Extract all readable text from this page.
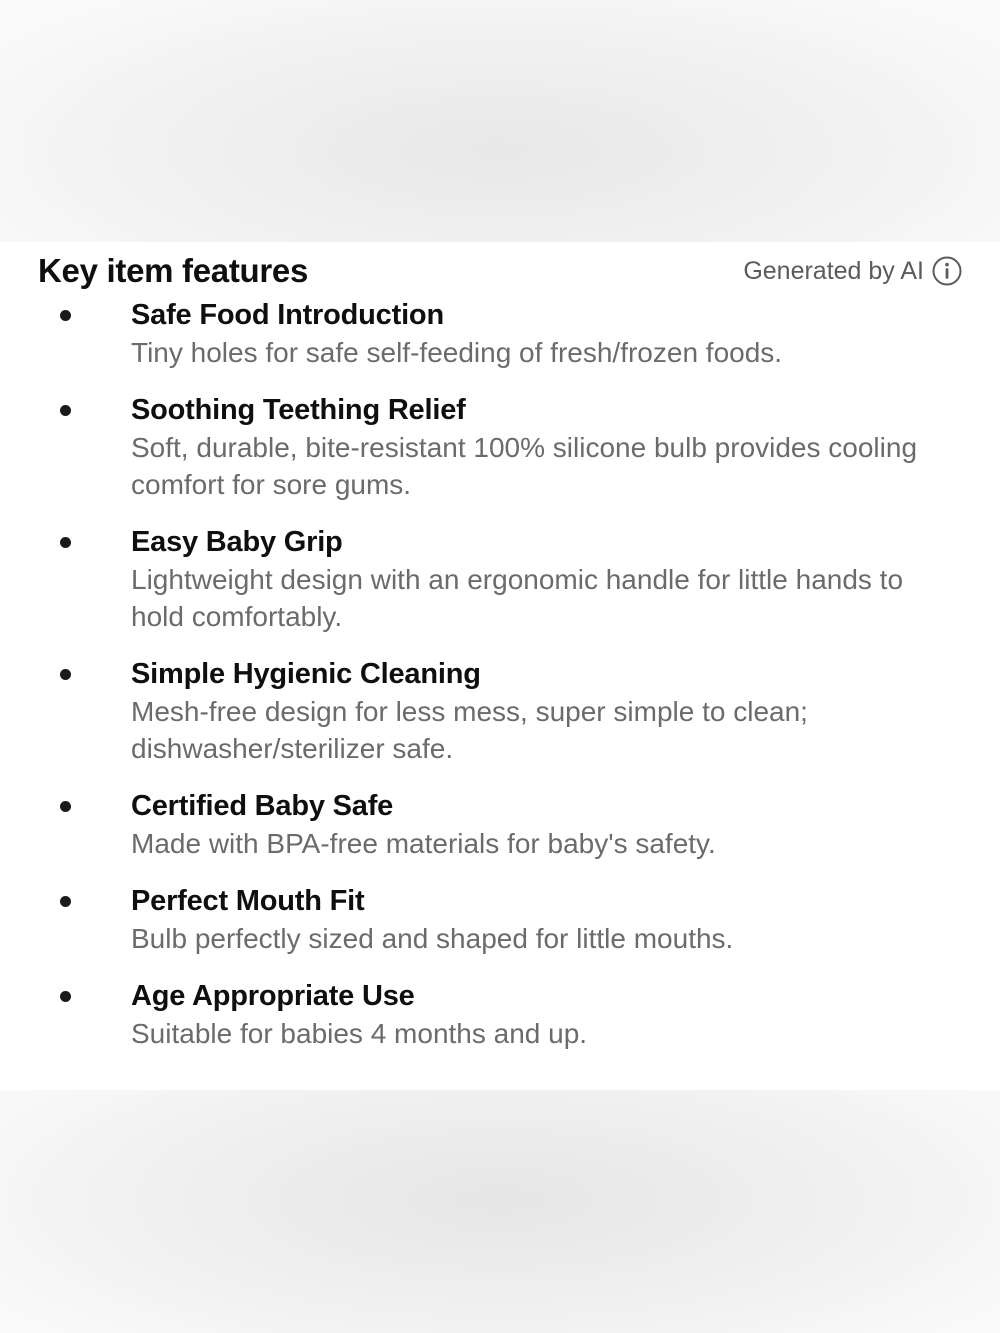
Key item features	Generated by AI
Safe Food Introduction
Tiny holes for safe self-feeding of fresh/frozen foods.
Soothing Teething Relief
Soft, durable, bite-resistant 100% silicone bulb provides cooling comfort for sore gums.
Easy Baby Grip
Lightweight design with an ergonomic handle for little hands to hold comfortably.
Simple Hygienic Cleaning
Mesh-free design for less mess, super simple to clean; dishwasher/sterilizer safe.
Certified Baby Safe
Made with BPA-free materials for baby's safety.
Perfect Mouth Fit
Bulb perfectly sized and shaped for little mouths.
Age Appropriate Use
Suitable for babies 4 months and up.
